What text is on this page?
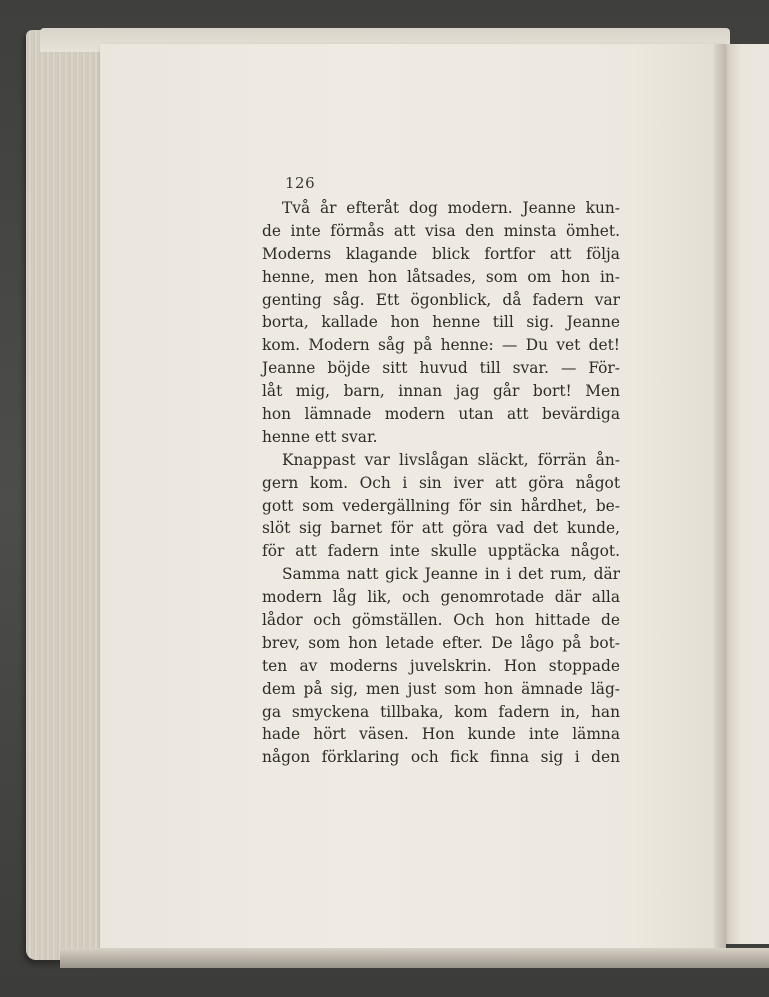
126
Två år efteråt dog modern. Jeanne kun-
de inte förmås att visa den minsta ömhet.
Moderns klagande blick fortfor att följa
henne, men hon låtsades, som om hon in-
genting såg. Ett ögonblick, då fadern var
borta, kallade hon henne till sig. Jeanne
kom. Modern såg på henne: — Du vet det!
Jeanne böjde sitt huvud till svar. — För-
låt mig, barn, innan jag går bort! Men
hon lämnade modern utan att bevärdiga
henne ett svar.
Knappast var livslågan släckt, förrän ån-
gern kom. Och i sin iver att göra något
gott som vedergällning för sin hårdhet, be-
slöt sig barnet för att göra vad det kunde,
för att fadern inte skulle upptäcka något.
Samma natt gick Jeanne in i det rum, där
modern låg lik, och genomrotade där alla
lådor och gömställen. Och hon hittade de
brev, som hon letade efter. De lågo på bot-
ten av moderns juvelskrin. Hon stoppade
dem på sig, men just som hon ämnade läg-
ga smyckena tillbaka, kom fadern in, han
hade hört väsen. Hon kunde inte lämna
någon förklaring och fick finna sig i den
